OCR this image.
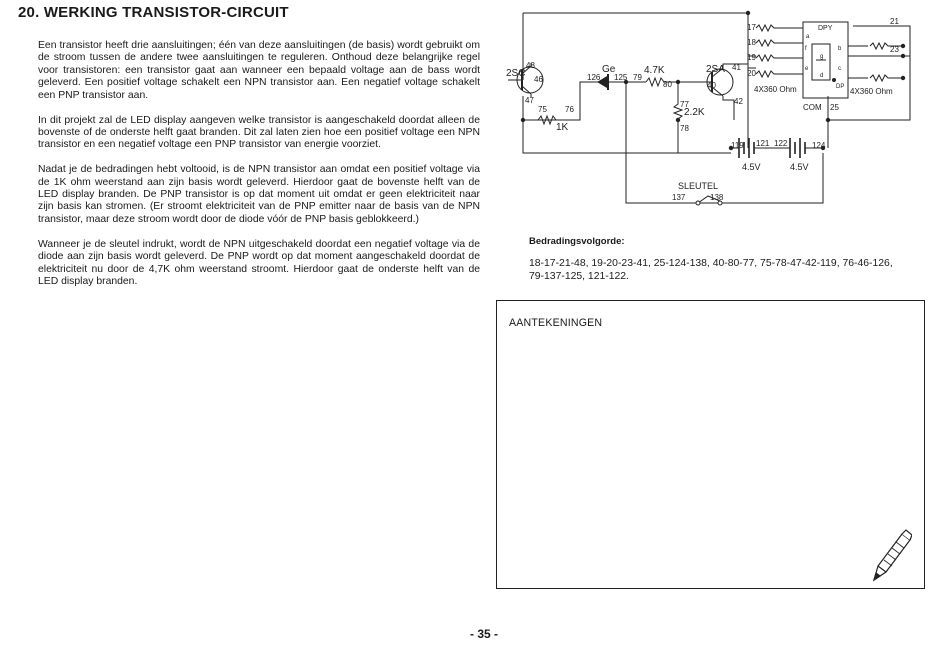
20. WERKING TRANSISTOR-CIRCUIT

Een transistor heeft drie aansluitingen; één van deze aansluitingen (de basis) wordt gebruikt om de stroom tussen de andere twee aansluitingen te reguleren. Onthoud deze belangrijke regel voor transistoren: een transistor gaat aan wanneer een bepaald voltage aan de bass wordt geleverd. Een positief voltage schakelt een NPN transistor aan. Een negatief voltage schakelt een PNP transistor aan.

In dit projekt zal de LED display aangeven welke transistor is aangeschakeld doordat alleen de bovenste of de onderste helft gaat branden. Dit zal laten zien hoe een positief voltage een NPN transistor en een negatief voltage een PNP transistor van energie voorziet.

Nadat je de bedradingen hebt voltooid, is de NPN transistor aan omdat een positief voltage via de 1K ohm weerstand aan zijn basis wordt geleverd. Hierdoor gaat de bovenste helft van de LED display branden. De PNP transistor is op dat moment uit omdat er geen elektriciteit naar zijn basis kan stromen. (Er stroomt elektriciteit van de PNP emitter naar de basis van de NPN transistor, maar deze stroom wordt door de diode vóór de PNP basis geblokkeerd.)

Wanneer je de sleutel indrukt, wordt de NPN uitgeschakeld doordat een negatief voltage via de diode aan zijn basis wordt geleverd. De PNP wordt op dat moment aangeschakeld doordat de elektriciteit nu door de 4,7K ohm weerstand stroomt. Hierdoor gaat de onderste helft van de LED display branden.

2SC	2SA
Ge	4.7K
1K
2.2K
DPY
4X360 Ohm	4X360 Ohm
COM
4.5V	4.5V
SLEUTEL
a
b
c
d
e
f
g
DP
17
18
19
20
21
23
25
40
41
42
46
47
48
75 76
77
78
79
80
119 121 122	124
125
126
137	138
Bedradingsvolgorde:
18-17-21-48, 19-20-23-41, 25-124-138, 40-80-77, 75-78-47-42-119, 76-46-126, 79-137-125, 121-122.
AANTEKENINGEN
- 35 -
